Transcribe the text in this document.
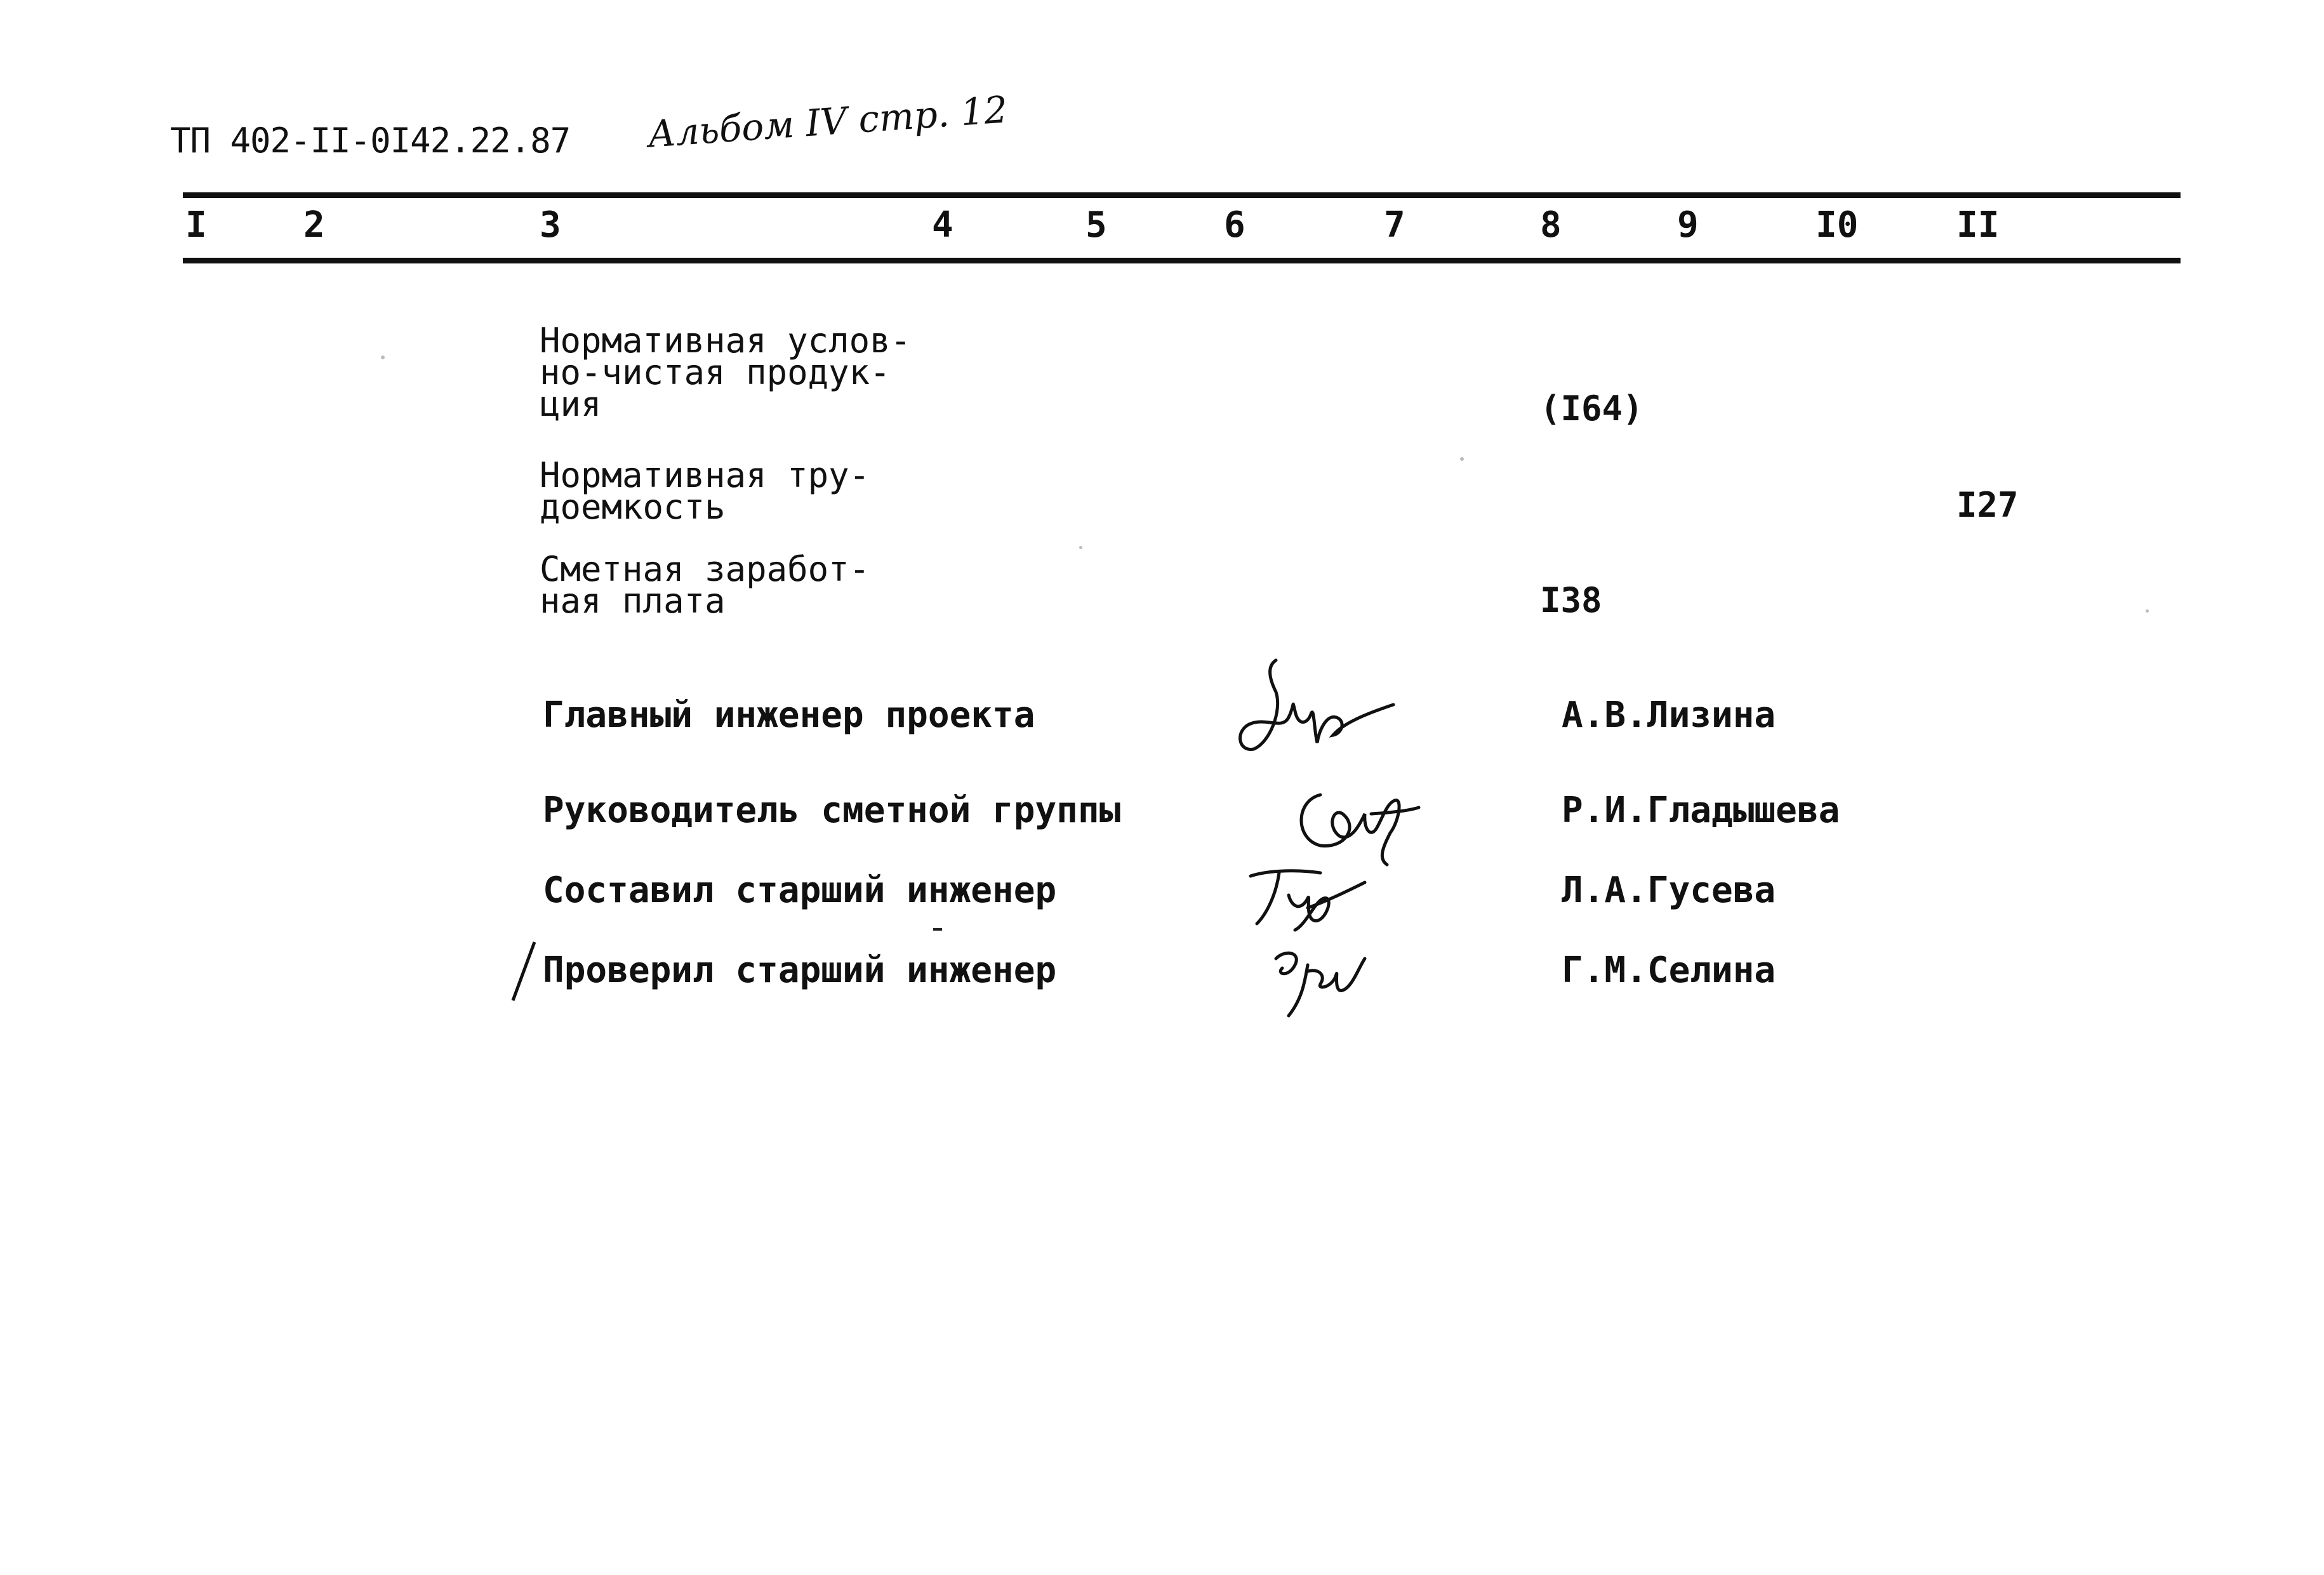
ТП 402-II-0I42.22.87 Альбом IV стр. 12
I	2	3	4	5	6	7	8	9	I0	II
Нормативная услов-
но-чистая продук-
ция	(I64)
Нормативная тру-
доемкость	I27
Сметная заработ-
ная плата	I38
Главный инженер проекта	А.В.Лизина
Руководитель сметной группы	Р.И.Гладышева
Составил старший инженер	Л.А.Гусева
Проверил старший инженер	Г.М.Селина
